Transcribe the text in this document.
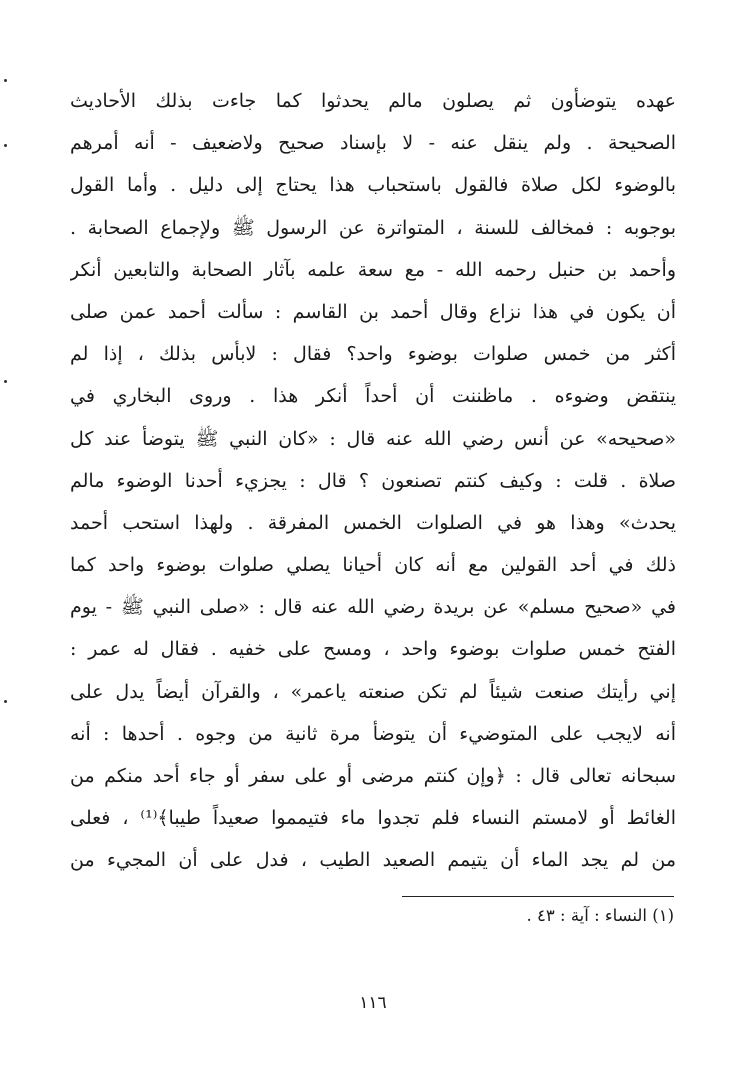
عهده يتوضأون ثم يصلون مالم يحدثوا كما جاءت بذلك الأحاديث
الصحيحة . ولم ينقل عنه - لا بإسناد صحيح ولاضعيف - أنه أمرهم
بالوضوء لكل صلاة فالقول باستحباب هذا يحتاج إلى دليل . وأما القول
بوجوبه : فمخالف للسنة ، المتواترة عن الرسول ﷺ ولإجماع الصحابة .
وأحمد بن حنبل رحمه الله - مع سعة علمه بآثار الصحابة والتابعين أنكر
أن يكون في هذا نزاع وقال أحمد بن القاسم : سألت أحمد عمن صلى
أكثر من خمس صلوات بوضوء واحد؟ فقال : لابأس بذلك ، إذا لم
ينتقض وضوءه . ماظننت أن أحداً أنكر هذا . وروى البخاري في
«صحيحه» عن أنس رضي الله عنه قال : «كان النبي ﷺ يتوضأ عند كل
صلاة . قلت : وكيف كنتم تصنعون ؟ قال : يجزيء أحدنا الوضوء مالم
يحدث» وهذا هو في الصلوات الخمس المفرقة . ولهذا استحب أحمد
ذلك في أحد القولين مع أنه كان أحيانا يصلي صلوات بوضوء واحد كما
في «صحيح مسلم» عن بريدة رضي الله عنه قال : «صلى النبي ﷺ - يوم
الفتح خمس صلوات بوضوء واحد ، ومسح على خفيه . فقال له عمر :
إني رأيتك صنعت شيئاً لم تكن صنعته ياعمر» ، والقرآن أيضاً يدل على
أنه لايجب على المتوضيء أن يتوضأ مرة ثانية من وجوه . أحدها : أنه
سبحانه تعالى قال : ﴿وإن كنتم مرضى أو على سفر أو جاء أحد منكم من
الغائط أو لامستم النساء فلم تجدوا ماء فتيمموا صعيداً طيبا﴾⁽¹⁾ ، فعلى
من لم يجد الماء أن يتيمم الصعيد الطيب ، فدل على أن المجيء من
(١) النساء : آية : ٤٣ .
١١٦
